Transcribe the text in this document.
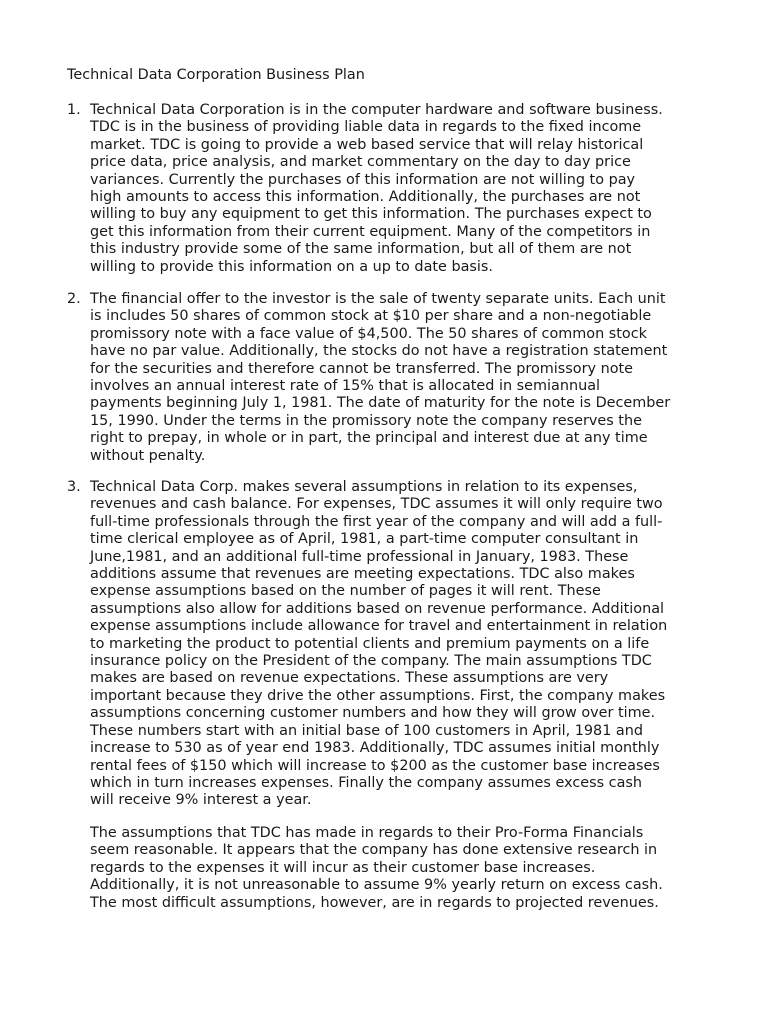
Technical Data Corporation Business Plan
1. Technical Data Corporation is in the computer hardware and software business.
TDC is in the business of providing liable data in regards to the fixed income
market. TDC is going to provide a web based service that will relay historical
price data, price analysis, and market commentary on the day to day price
variances. Currently the purchases of this information are not willing to pay
high amounts to access this information. Additionally, the purchases are not
willing to buy any equipment to get this information. The purchases expect to
get this information from their current equipment. Many of the competitors in
this industry provide some of the same information, but all of them are not
willing to provide this information on a up to date basis.
2. The financial offer to the investor is the sale of twenty separate units. Each unit
is includes 50 shares of common stock at $10 per share and a non-negotiable
promissory note with a face value of $4,500. The 50 shares of common stock
have no par value. Additionally, the stocks do not have a registration statement
for the securities and therefore cannot be transferred. The promissory note
involves an annual interest rate of 15% that is allocated in semiannual
payments beginning July 1, 1981. The date of maturity for the note is December
15, 1990. Under the terms in the promissory note the company reserves the
right to prepay, in whole or in part, the principal and interest due at any time
without penalty.
3. Technical Data Corp. makes several assumptions in relation to its expenses,
revenues and cash balance. For expenses, TDC assumes it will only require two
full-time professionals through the first year of the company and will add a full-
time clerical employee as of April, 1981, a part-time computer consultant in
June,1981, and an additional full-time professional in January, 1983. These
additions assume that revenues are meeting expectations. TDC also makes
expense assumptions based on the number of pages it will rent. These
assumptions also allow for additions based on revenue performance. Additional
expense assumptions include allowance for travel and entertainment in relation
to marketing the product to potential clients and premium payments on a life
insurance policy on the President of the company. The main assumptions TDC
makes are based on revenue expectations. These assumptions are very
important because they drive the other assumptions. First, the company makes
assumptions concerning customer numbers and how they will grow over time.
These numbers start with an initial base of 100 customers in April, 1981 and
increase to 530 as of year end 1983. Additionally, TDC assumes initial monthly
rental fees of $150 which will increase to $200 as the customer base increases
which in turn increases expenses. Finally the company assumes excess cash
will receive 9% interest a year.
The assumptions that TDC has made in regards to their Pro-Forma Financials
seem reasonable. It appears that the company has done extensive research in
regards to the expenses it will incur as their customer base increases.
Additionally, it is not unreasonable to assume 9% yearly return on excess cash.
The most difficult assumptions, however, are in regards to projected revenues.
